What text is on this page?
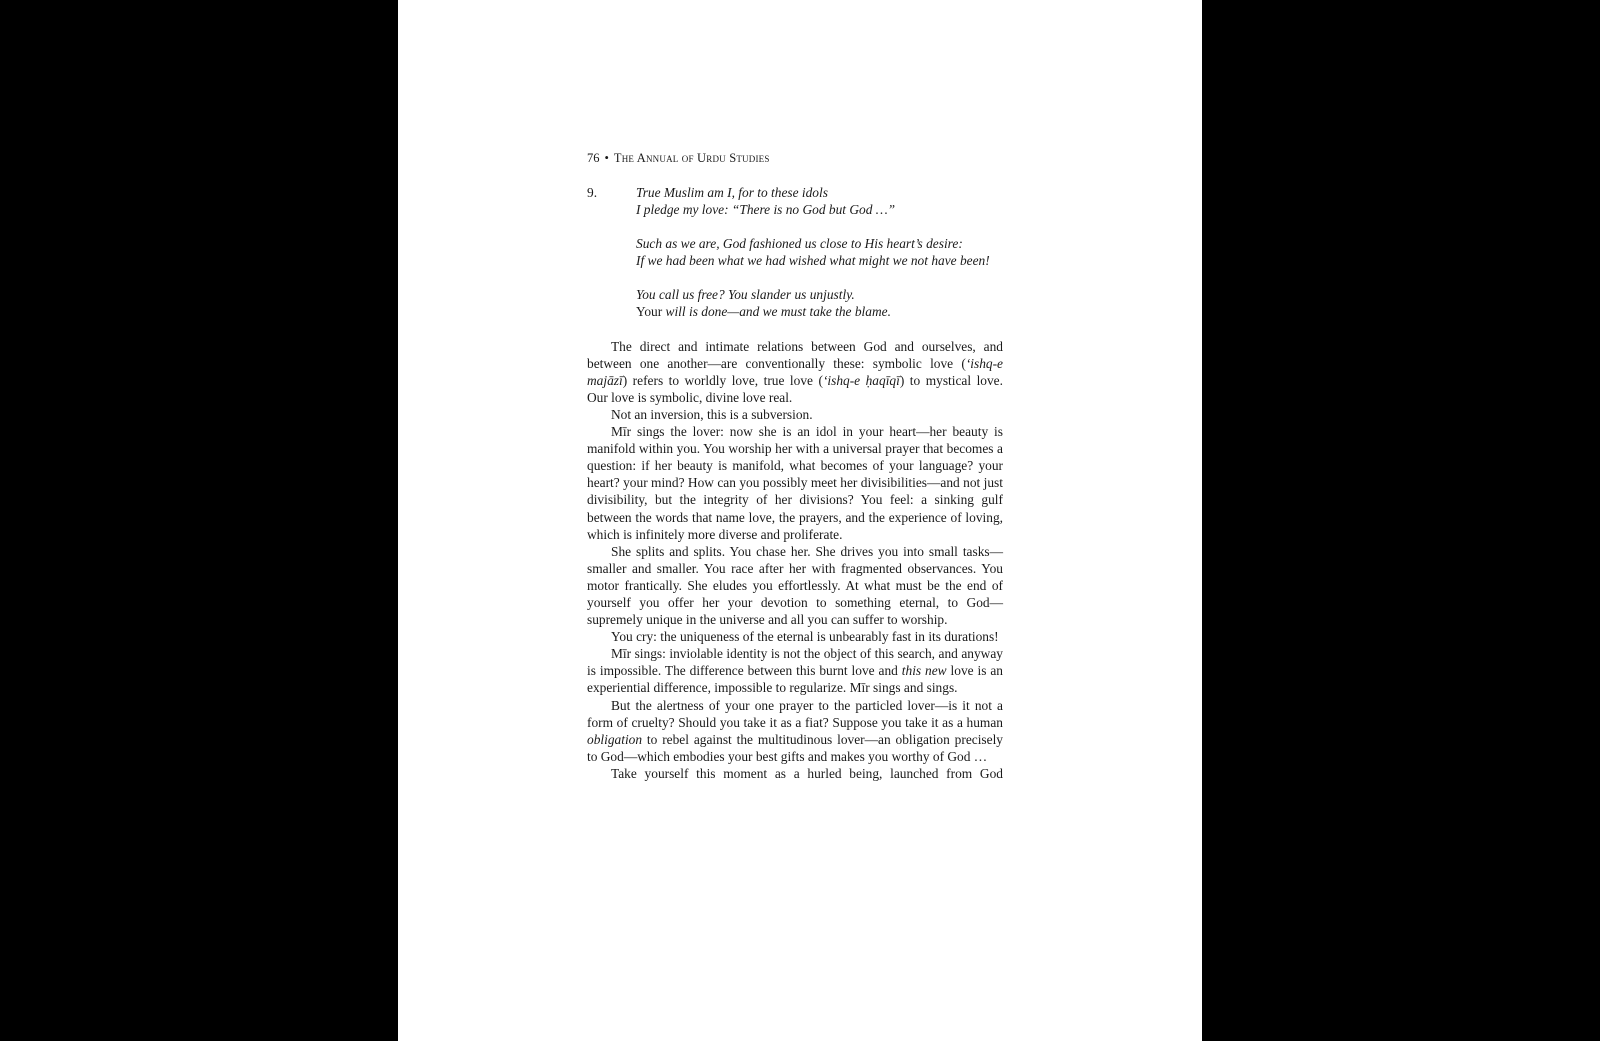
76 • The Annual of Urdu Studies
9.	True Muslim am I, for to these idols
I pledge my love: “There is no God but God …”
Such as we are, God fashioned us close to His heart’s desire:
If we had been what we had wished what might we not have been!
You call us free? You slander us unjustly.
Your will is done—and we must take the blame.

The direct and intimate relations between God and ourselves, and between one another—are conventionally these: symbolic love (‘ishq-e majāzī) refers to worldly love, true love (‘ishq-e ḥaqīqī) to mystical love. Our love is symbolic, divine love real.

Not an inversion, this is a subversion.

Mīr sings the lover: now she is an idol in your heart—her beauty is manifold within you. You worship her with a universal prayer that becomes a question: if her beauty is manifold, what becomes of your language? your heart? your mind? How can you possibly meet her divisibilities—and not just divisibility, but the integrity of her divisions? You feel: a sinking gulf between the words that name love, the prayers, and the experience of loving, which is infinitely more diverse and proliferate.

She splits and splits. You chase her. She drives you into small tasks—smaller and smaller. You race after her with fragmented observances. You motor frantically. She eludes you effortlessly. At what must be the end of yourself you offer her your devotion to something eternal, to God—supremely unique in the universe and all you can suffer to worship.

You cry: the uniqueness of the eternal is unbearably fast in its durations!

Mīr sings: inviolable identity is not the object of this search, and anyway is impossible. The difference between this burnt love and this new love is an experiential difference, impossible to regularize. Mīr sings and sings.

But the alertness of your one prayer to the particled lover—is it not a form of cruelty? Should you take it as a fiat? Suppose you take it as a human obligation to rebel against the multitudinous lover—an obligation precisely to God—which embodies your best gifts and makes you worthy of God …

Take yourself this moment as a hurled being, launched from God
